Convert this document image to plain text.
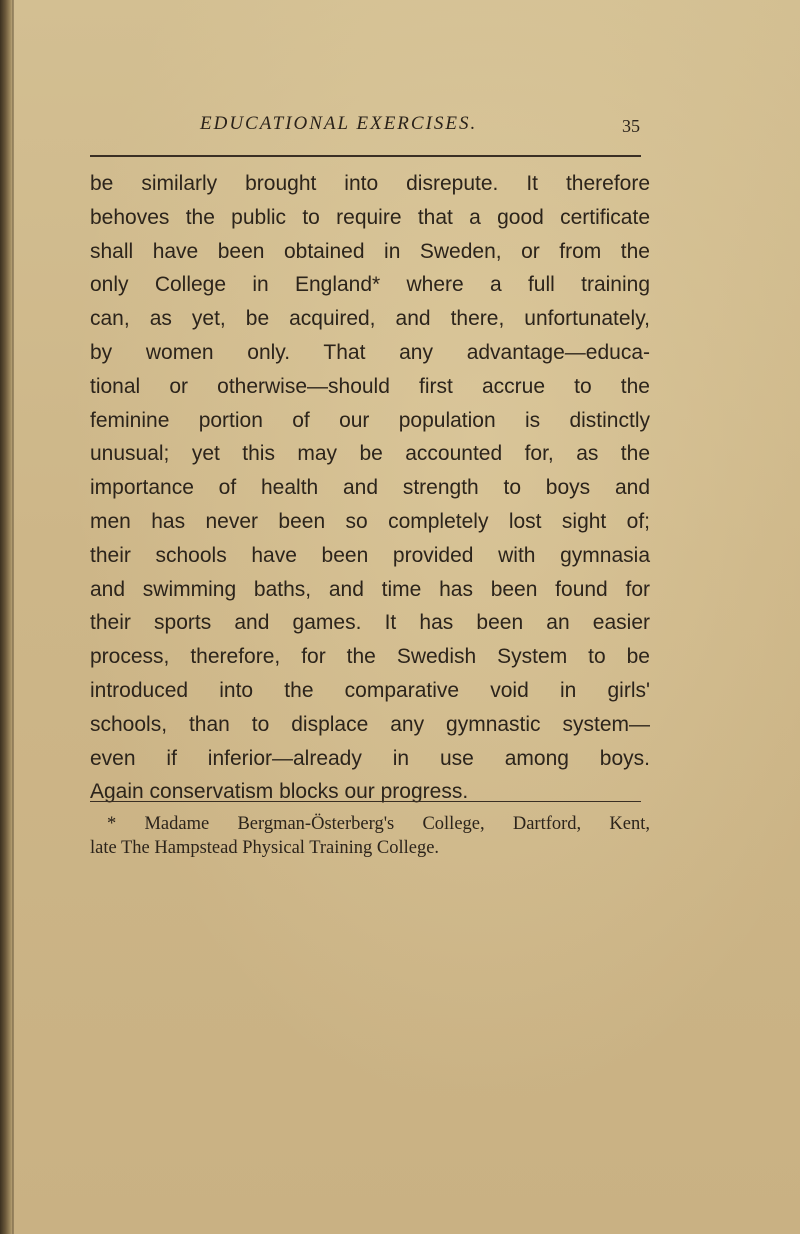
EDUCATIONAL EXERCISES.	35
be similarly brought into disrepute. It therefore
behoves the public to require that a good certificate
shall have been obtained in Sweden, or from the
only College in England* where a full training
can, as yet, be acquired, and there, unfortunately,
by women only. That any advantage—educa-
tional or otherwise—should first accrue to the
feminine portion of our population is distinctly
unusual; yet this may be accounted for, as the
importance of health and strength to boys and
men has never been so completely lost sight of;
their schools have been provided with gymnasia
and swimming baths, and time has been found for
their sports and games. It has been an easier
process, therefore, for the Swedish System to be
introduced into the comparative void in girls'
schools, than to displace any gymnastic system—
even if inferior—already in use among boys.
Again conservatism blocks our progress.
* Madame Bergman-Österberg's College, Dartford, Kent,
late The Hampstead Physical Training College.
